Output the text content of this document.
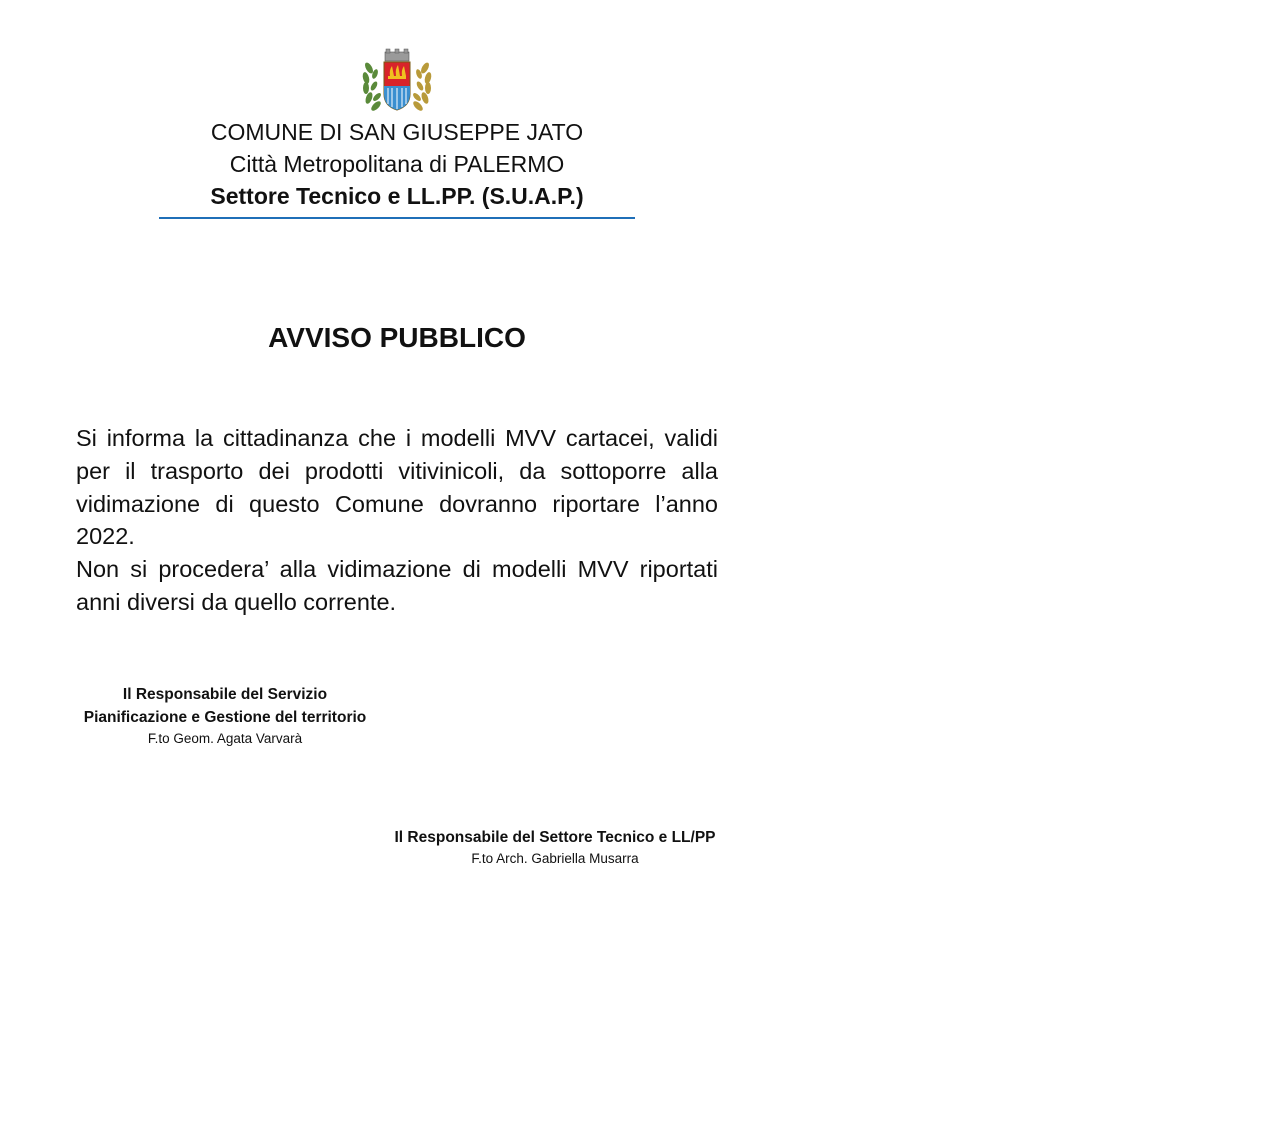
COMUNE DI SAN GIUSEPPE JATO
Città Metropolitana di PALERMO
Settore Tecnico e LL.PP. (S.U.A.P.)
AVVISO PUBBLICO

Si informa la cittadinanza che i modelli MVV cartacei, validi per il trasporto dei prodotti vitivinicoli, da sottoporre alla vidimazione di questo Comune dovranno riportare l’anno 2022.

Non si procedera’ alla vidimazione di modelli MVV riportati anni diversi da quello corrente.

Il Responsabile del Servizio
Pianificazione e Gestione del territorio
F.to Geom. Agata Varvarà
Il Responsabile del Settore Tecnico e LL/PP
F.to Arch. Gabriella Musarra
